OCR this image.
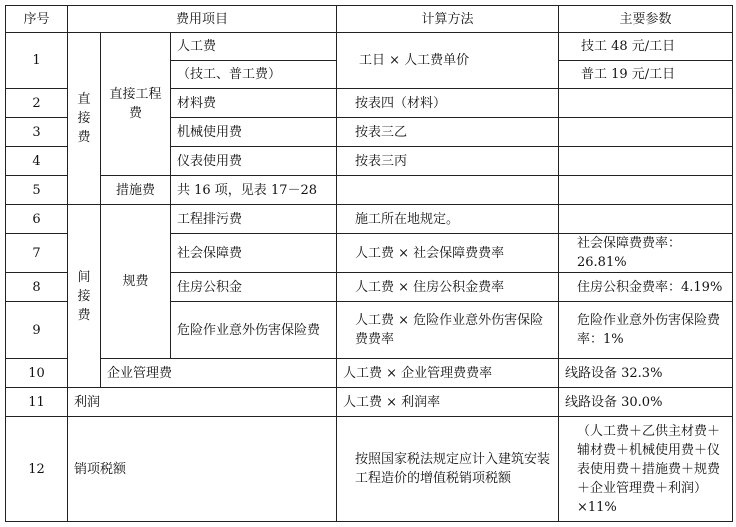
序号	费用项目			计算方法	主要参数
1	直接费	直接工程费	人工费	工日 × 人工费单价	技工 48 元/工日
			（技工、普工费）		普工 19 元/工日
2			材料费	按表四（材料）	
3			机械使用费	按表三乙	
4			仪表使用费	按表三丙	
5		措施费	共 16 项，见表 17－28		
6	间接费	规费	工程排污费	施工所在地规定。	
7			社会保障费	人工费 × 社会保障费费率	社会保障费费率：26.81%
8			住房公积金	人工费 × 住房公积金费率	住房公积金费率：4.19%
9			危险作业意外伤害保险费	人工费 × 危险作业意外伤害保险费费率	危险作业意外伤害保险费率：1%
10		企业管理费		人工费 × 企业管理费费率	线路设备 32.3%
11	利润			人工费 × 利润率	线路设备 30.0%
12	销项税额			按照国家税法规定应计入建筑安装工程造价的增值税销项税额	（人工费＋乙供主材费＋辅材费＋机械使用费＋仪表使用费＋措施费＋规费＋企业管理费＋利润）×11%
